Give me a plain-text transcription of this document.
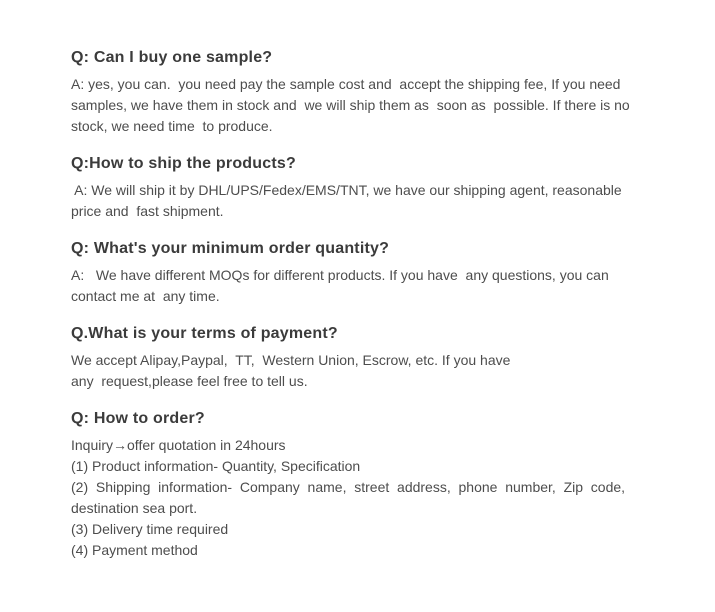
Q: Can I buy one sample?
A: yes, you can.  you need pay the sample cost and  accept the shipping fee, If you need
samples, we have them in stock and  we will ship them as  soon as  possible. If there is no
stock, we need time  to produce.
Q:How to ship the products?
A: We will ship it by DHL/UPS/Fedex/EMS/TNT, we have our shipping agent, reasonable
price and  fast shipment.
Q: What's your minimum order quantity?
A:   We have different MOQs for different products. If you have  any questions, you can
contact me at  any time.
Q.What is your terms of payment?
We accept Alipay,Paypal,  TT,  Western Union, Escrow, etc. If you have
any  request,please feel free to tell us.
Q: How to order?
Inquiry→offer quotation in 24hours
(1) Product information- Quantity, Specification
(2)  Shipping  information-  Company  name,  street  address,  phone  number,  Zip  code,
destination sea port.
(3) Delivery time required
(4) Payment method
